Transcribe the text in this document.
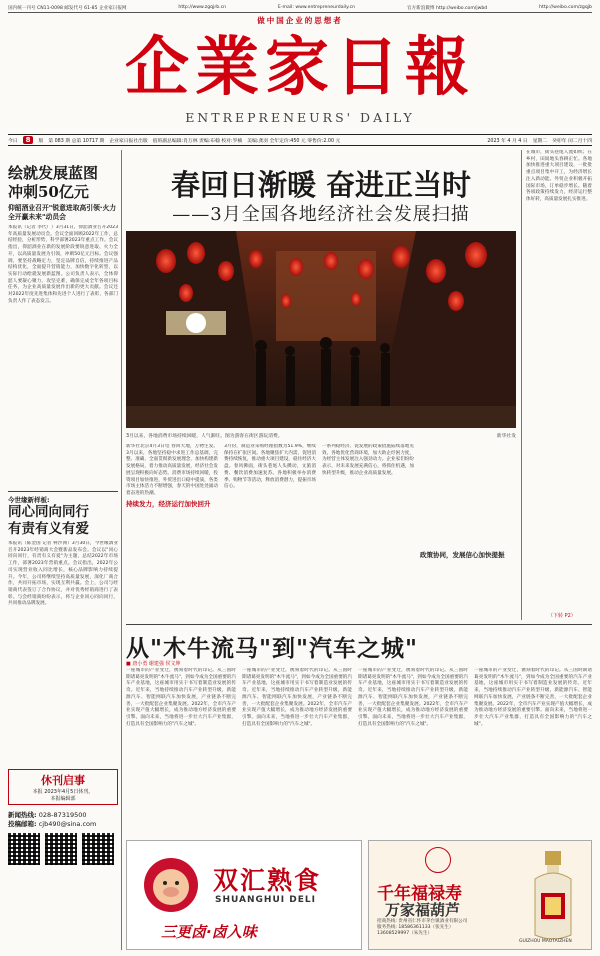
国内统一刊号 CN11-0098 邮发代号 61-85 企业家日报网	http://www.zgqjrb.cn	E-mail: www.entrepreneurdaily.cn	官方新浪微博 http://weibo.com/jwbd	http://weibo.com/zgqjb
做中国企业的思想者
企業家日報
ENTREPRENEURS' DAILY
今日	8	版 第 083 期 总第 10717 期 企业家日报社出版 值班副总编辑:肖万林 责编:布翰 校对:罗楠 美编:龚羽 全年定价:450 元 零售价:2.00 元	2023 年 4 月 4 日 星期二 癸卯年 闰二月十四
绘就发展蓝图
冲刺50亿元
仰韶酒业召开"锐意进取高引领·火力全开赢未来"动员会
本报讯（记者 李代广）3月31日，仰韶酒业召开2023年高质量发展动员会。会议全面回顾2022年工作，总结经验，分析形势，科学部署2023年重点工作。会议指出，仰韶酒业在新的发展阶段要锐意进取、火力全开，以高质量发展为引领，冲刺50亿元目标。会议强调，要坚持战略定力，坚定品牌自信，持续推进产品结构优化，全面提升营销能力，加快数字化转型，以实际行动绘就发展新蓝图。公司负责人表示，全体仰韶人要凝心聚力、攻坚克难，确保完成全年各项目标任务，为企业高质量发展作出新的更大贡献。会议还对2022年度先进集体和先进个人进行了表彰，各部门负责人作了表态发言。
今世缘新样板:
同心同向同行
有责有义有爱
本报讯（陈金国 记者 柯沙洲）3月30日，今世缘酒业召开2023年经销商大会暨新品发布会。会议以"同心同向同行，有责有义有爱"为主题，总结2022年市场工作，部署2023年营销重点。会议指出，2022年公司实现营业收入同比增长，核心品牌影响力持续提升。今年，公司将继续坚持高质量发展，深化厂商合作，共同开拓市场，实现互利共赢。会上，公司与经销商代表签订了合作协议，并对优秀经销商进行了表彰。与会经销商纷纷表示，将与企业同心同向同行，共同推动品牌发展。
休刊启事
本报 2023年4月5日休刊。
本报编辑部
新闻热线: 028-87319500
投稿邮箱: cjb490@sina.com
春回日渐暖 奋进正当时
——3月全国各地经济社会发展扫描
3月以来，各地消费市场持续回暖，人气渐旺。图为游客在街区游玩消费。	新华社发
新华社北京4月3日电 春回大地，万物生发。3月以来，各地坚持稳中求进工作总基调，完整、准确、全面贯彻新发展理念，加快构建新发展格局，着力推动高质量发展，经济社会发展呈现积极向好态势。消费市场持续回暖，投资项目加快推进，外贸进出口稳中提质，各类市场主体活力不断增强，春天的中国处处涌动着奋进的热潮。
持续发力，经济运行加快回升
3月份，制造业采购经理指数为51.9%，继续保持在扩张区间。各地聚焦扩大内需，促进消费持续恢复，推动重大项目建设，稳住经济大盘。春风拂面，街头巷尾人头攒动，文旅消费、餐饮消费加速复苏。各地积极举办消费季、购物节等活动，释放消费潜力，提振市场信心。
一系列稳经济、促发展的政策措施陆续落地见效。各地优化营商环境，加大助企纾困力度，为经营主体发展注入强劲动力。企业家们纷纷表示，对未来发展充满信心，将抓住机遇，加快转型升级，推动企业高质量发展。
政策协同，发展信心加快提振
在城市，街头巷尾人流如织；在乡村，田间地头春耕正忙。各地加快推进重大项目建设，一批批重点项目集中开工，为经济增长注入新动能。外贸企业积极开拓国际市场，订单稳步增长。随着各项政策持续发力，经济运行整体好转，高质量发展扎实推进。
（下转 P2）
从"木牛流马"到"汽车之城"
■ 唐小勇 谢建强 侯文坤
一座城市的产业变迁，镌刻着时代的印记。从三国时期诸葛亮发明的"木牛流马"，到如今成为全国重要的汽车产业基地，这座城市用实干书写着制造业发展的传奇。近年来，当地持续推动汽车产业转型升级，新能源汽车、智能网联汽车加快发展，产业链条不断完善，一大批配套企业集聚发展。2022年，全市汽车产业实现产值大幅增长，成为推动地方经济发展的重要引擎。面向未来，当地将进一步壮大汽车产业集群，打造具有全国影响力的"汽车之城"。
一座城市的产业变迁，镌刻着时代的印记。从三国时期诸葛亮发明的"木牛流马"，到如今成为全国重要的汽车产业基地，这座城市用实干书写着制造业发展的传奇。近年来，当地持续推动汽车产业转型升级，新能源汽车、智能网联汽车加快发展，产业链条不断完善，一大批配套企业集聚发展。2022年，全市汽车产业实现产值大幅增长，成为推动地方经济发展的重要引擎。面向未来，当地将进一步壮大汽车产业集群，打造具有全国影响力的"汽车之城"。
一座城市的产业变迁，镌刻着时代的印记。从三国时期诸葛亮发明的"木牛流马"，到如今成为全国重要的汽车产业基地，这座城市用实干书写着制造业发展的传奇。近年来，当地持续推动汽车产业转型升级，新能源汽车、智能网联汽车加快发展，产业链条不断完善，一大批配套企业集聚发展。2022年，全市汽车产业实现产值大幅增长，成为推动地方经济发展的重要引擎。面向未来，当地将进一步壮大汽车产业集群，打造具有全国影响力的"汽车之城"。
一座城市的产业变迁，镌刻着时代的印记。从三国时期诸葛亮发明的"木牛流马"，到如今成为全国重要的汽车产业基地，这座城市用实干书写着制造业发展的传奇。近年来，当地持续推动汽车产业转型升级，新能源汽车、智能网联汽车加快发展，产业链条不断完善，一大批配套企业集聚发展。2022年，全市汽车产业实现产值大幅增长，成为推动地方经济发展的重要引擎。面向未来，当地将进一步壮大汽车产业集群，打造具有全国影响力的"汽车之城"。
双汇熟食
SHUANGHUI DELI
三更卤·卤入味
千年福禄寿
万家福葫芦
招商热线: 贵州省仁怀市茅台镇酒业有限公司
服务热线: 18586361133（张先生）
13608529997（朱先生）
GUIZHOU MAOTAIZHEN
